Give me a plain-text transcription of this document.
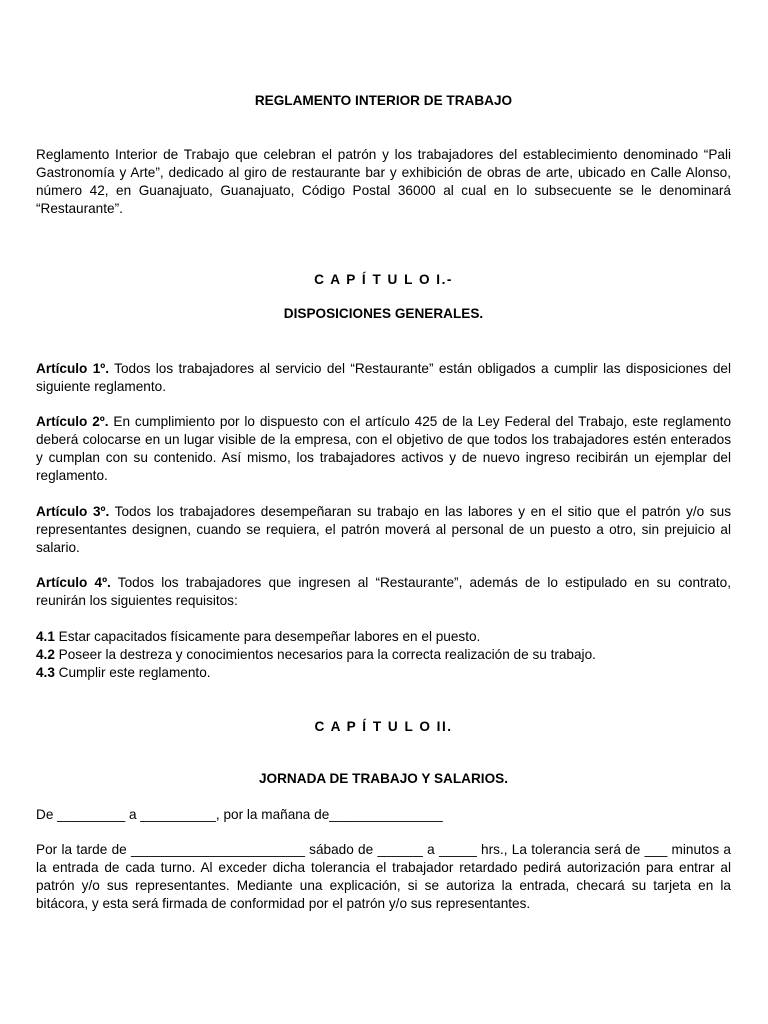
REGLAMENTO INTERIOR DE TRABAJO

Reglamento Interior de Trabajo que celebran el patrón y los trabajadores del establecimiento denominado “Pali Gastronomía y Arte”, dedicado al giro de restaurante bar y exhibición de obras de arte, ubicado en Calle Alonso, número 42, en Guanajuato, Guanajuato, Código Postal 36000 al cual en lo subsecuente se le denominará “Restaurante”.

C A P Í T U L O I.-
DISPOSICIONES GENERALES.

Artículo 1º. Todos los trabajadores al servicio del “Restaurante” están obligados a cumplir las disposiciones del siguiente reglamento.

Artículo 2º. En cumplimiento por lo dispuesto con el artículo 425 de la Ley Federal del Trabajo, este reglamento deberá colocarse en un lugar visible de la empresa, con el objetivo de que todos los trabajadores estén enterados y cumplan con su contenido. Así mismo, los trabajadores activos y de nuevo ingreso recibirán un ejemplar del reglamento.

Artículo 3º. Todos los trabajadores desempeñaran su trabajo en las labores y en el sitio que el patrón y/o sus representantes designen, cuando se requiera, el patrón moverá al personal de un puesto a otro, sin prejuicio al salario.

Artículo 4º. Todos los trabajadores que ingresen al “Restaurante”, además de lo estipulado en su contrato, reunirán los siguientes requisitos:

4.1 Estar capacitados físicamente para desempeñar labores en el puesto.
4.2 Poseer la destreza y conocimientos necesarios para la correcta realización de su trabajo.
4.3 Cumplir este reglamento.
C A P Í T U L O II.
JORNADA DE TRABAJO Y SALARIOS.

De _________ a __________, por la mañana de_______________

Por la tarde de _______________________ sábado de ______ a _____ hrs., La tolerancia será de ___ minutos a la entrada de cada turno. Al exceder dicha tolerancia el trabajador retardado pedirá autorización para entrar al patrón y/o sus representantes. Mediante una explicación, si se autoriza la entrada, checará su tarjeta en la bitácora, y esta será firmada de conformidad por el patrón y/o sus representantes.
